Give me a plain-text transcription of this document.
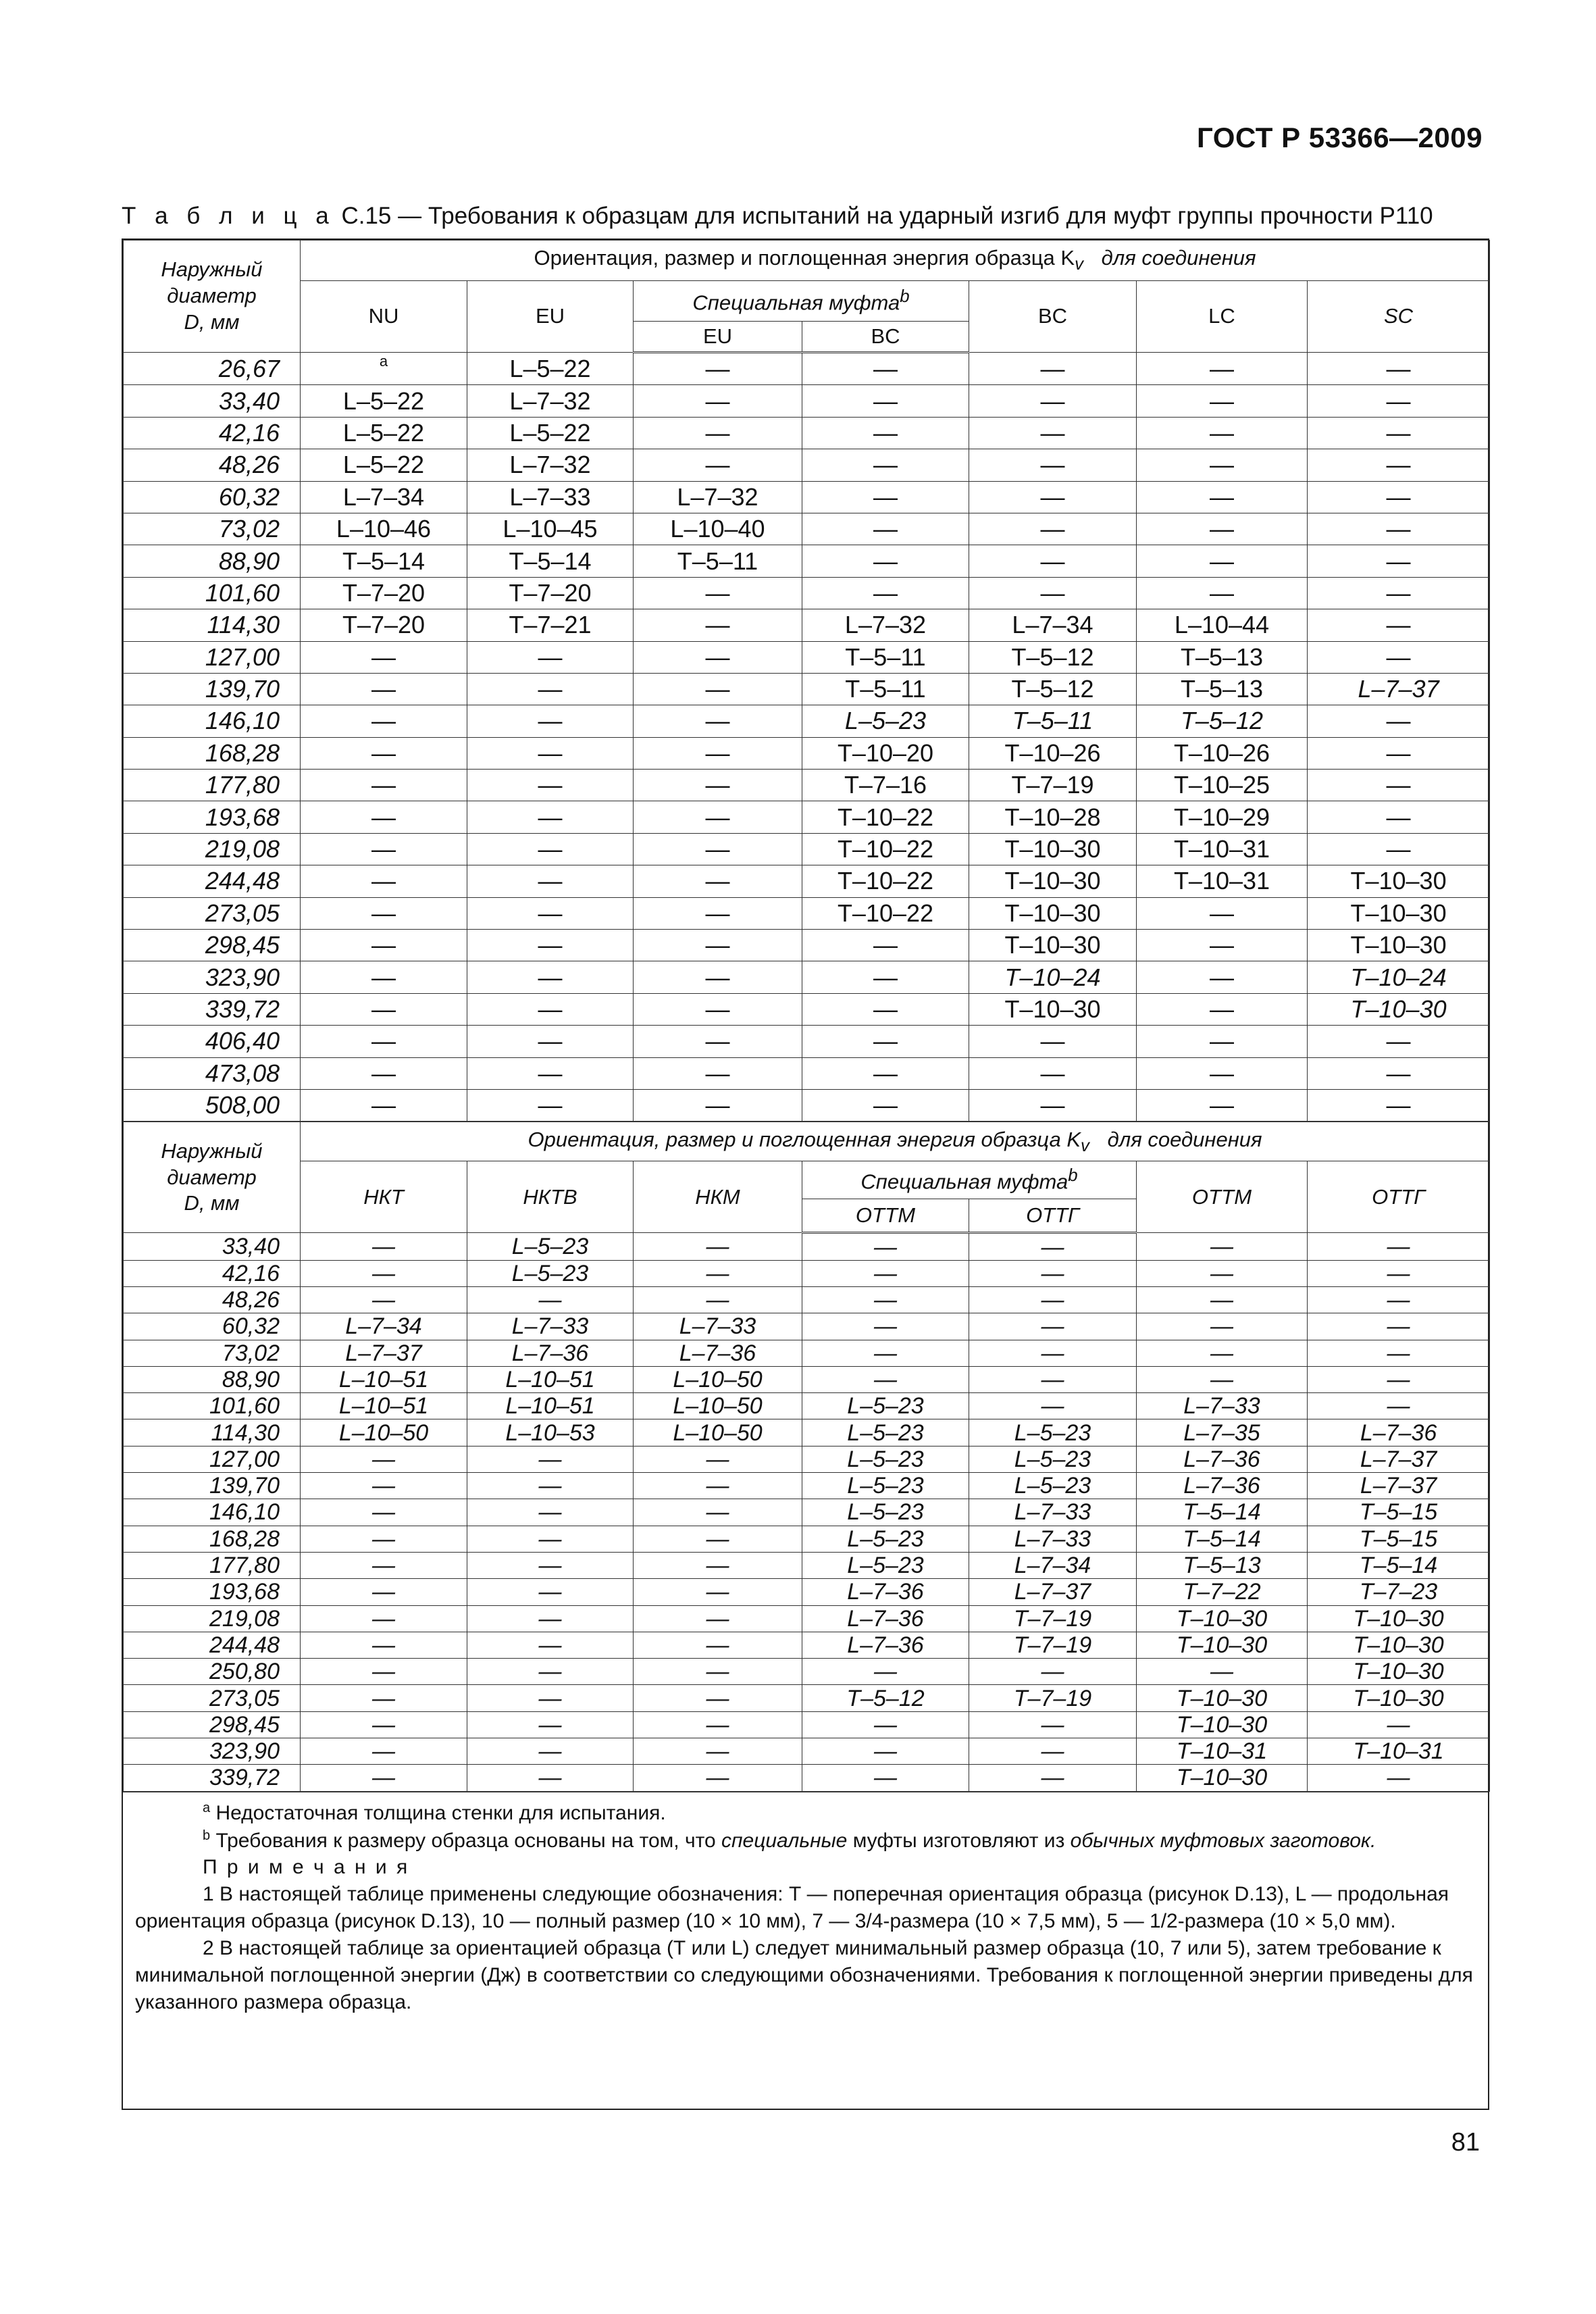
ГОСТ Р 53366—2009
Т а б л и ц а С.15 — Требования к образцам для испытаний на ударный изгиб для муфт группы прочности Р110
Наружный
диаметр
D, мм	Ориентация, размер и поглощенная энергия образца $K_v$ для соединения						
	NU	EU	Специальная муфта$^b$		BC	LC	SC
			EU	BC			
26,67	a	L–5–22	—	—	—	—	—
33,40	L–5–22	L–7–32	—	—	—	—	—
42,16	L–5–22	L–5–22	—	—	—	—	—
48,26	L–5–22	L–7–32	—	—	—	—	—
60,32	L–7–34	L–7–33	L–7–32	—	—	—	—
73,02	L–10–46	L–10–45	L–10–40	—	—	—	—
88,90	T–5–14	T–5–14	T–5–11	—	—	—	—
101,60	T–7–20	T–7–20	—	—	—	—	—
114,30	T–7–20	T–7–21	—	L–7–32	L–7–34	L–10–44	—
127,00	—	—	—	T–5–11	T–5–12	T–5–13	—
139,70	—	—	—	T–5–11	T–5–12	T–5–13	L–7–37
146,10	—	—	—	L–5–23	T–5–11	T–5–12	—
168,28	—	—	—	T–10–20	T–10–26	T–10–26	—
177,80	—	—	—	T–7–16	T–7–19	T–10–25	—
193,68	—	—	—	T–10–22	T–10–28	T–10–29	—
219,08	—	—	—	T–10–22	T–10–30	T–10–31	—
244,48	—	—	—	T–10–22	T–10–30	T–10–31	T–10–30
273,05	—	—	—	T–10–22	T–10–30	—	T–10–30
298,45	—	—	—	—	T–10–30	—	T–10–30
323,90	—	—	—	—	T–10–24	—	T–10–24
339,72	—	—	—	—	T–10–30	—	T–10–30
406,40	—	—	—	—	—	—	—
473,08	—	—	—	—	—	—	—
508,00	—	—	—	—	—	—	—
Наружный
диаметр
D, мм	Ориентация, размер и поглощенная энергия образца $K_v$ для соединения						
	НКТ	НКТВ	НКМ	Специальная муфта$^b$		ОТТМ	ОТТГ
				ОТТМ	ОТТГ		
33,40	—	L–5–23	—	—	—	—	—
42,16	—	L–5–23	—	—	—	—	—
48,26	—	—	—	—	—	—	—
60,32	L–7–34	L–7–33	L–7–33	—	—	—	—
73,02	L–7–37	L–7–36	L–7–36	—	—	—	—
88,90	L–10–51	L–10–51	L–10–50	—	—	—	—
101,60	L–10–51	L–10–51	L–10–50	L–5–23	—	L–7–33	—
114,30	L–10–50	L–10–53	L–10–50	L–5–23	L–5–23	L–7–35	L–7–36
127,00	—	—	—	L–5–23	L–5–23	L–7–36	L–7–37
139,70	—	—	—	L–5–23	L–5–23	L–7–36	L–7–37
146,10	—	—	—	L–5–23	L–7–33	T–5–14	T–5–15
168,28	—	—	—	L–5–23	L–7–33	T–5–14	T–5–15
177,80	—	—	—	L–5–23	L–7–34	T–5–13	T–5–14
193,68	—	—	—	L–7–36	L–7–37	T–7–22	T–7–23
219,08	—	—	—	L–7–36	T–7–19	T–10–30	T–10–30
244,48	—	—	—	L–7–36	T–7–19	T–10–30	T–10–30
250,80	—	—	—	—	—	—	T–10–30
273,05	—	—	—	T–5–12	T–7–19	T–10–30	T–10–30
298,45	—	—	—	—	—	T–10–30	—
323,90	—	—	—	—	—	T–10–31	T–10–31
339,72	—	—	—	—	—	T–10–30	—

$^a$ Недостаточная толщина стенки для испытания.

$^b$ Требования к размеру образца основаны на том, что специальные муфты изготовляют из обычных муфтовых заготовок.

П р и м е ч а н и я

1 В настоящей таблице применены следующие обозначения: Т — поперечная ориентация образца (рисунок D.13), L — продольная ориентация образца (рисунок D.13), 10 — полный размер (10 × 10 мм), 7 — 3/4-размера (10 × 7,5 мм), 5 — 1/2-размера (10 × 5,0 мм).

2 В настоящей таблице за ориентацией образца (Т или L) следует минимальный размер образца (10, 7 или 5), затем требование к минимальной поглощенной энергии (Дж) в соответствии со следующими обозначениями. Требования к поглощенной энергии приведены для указанного размера образца.

81
